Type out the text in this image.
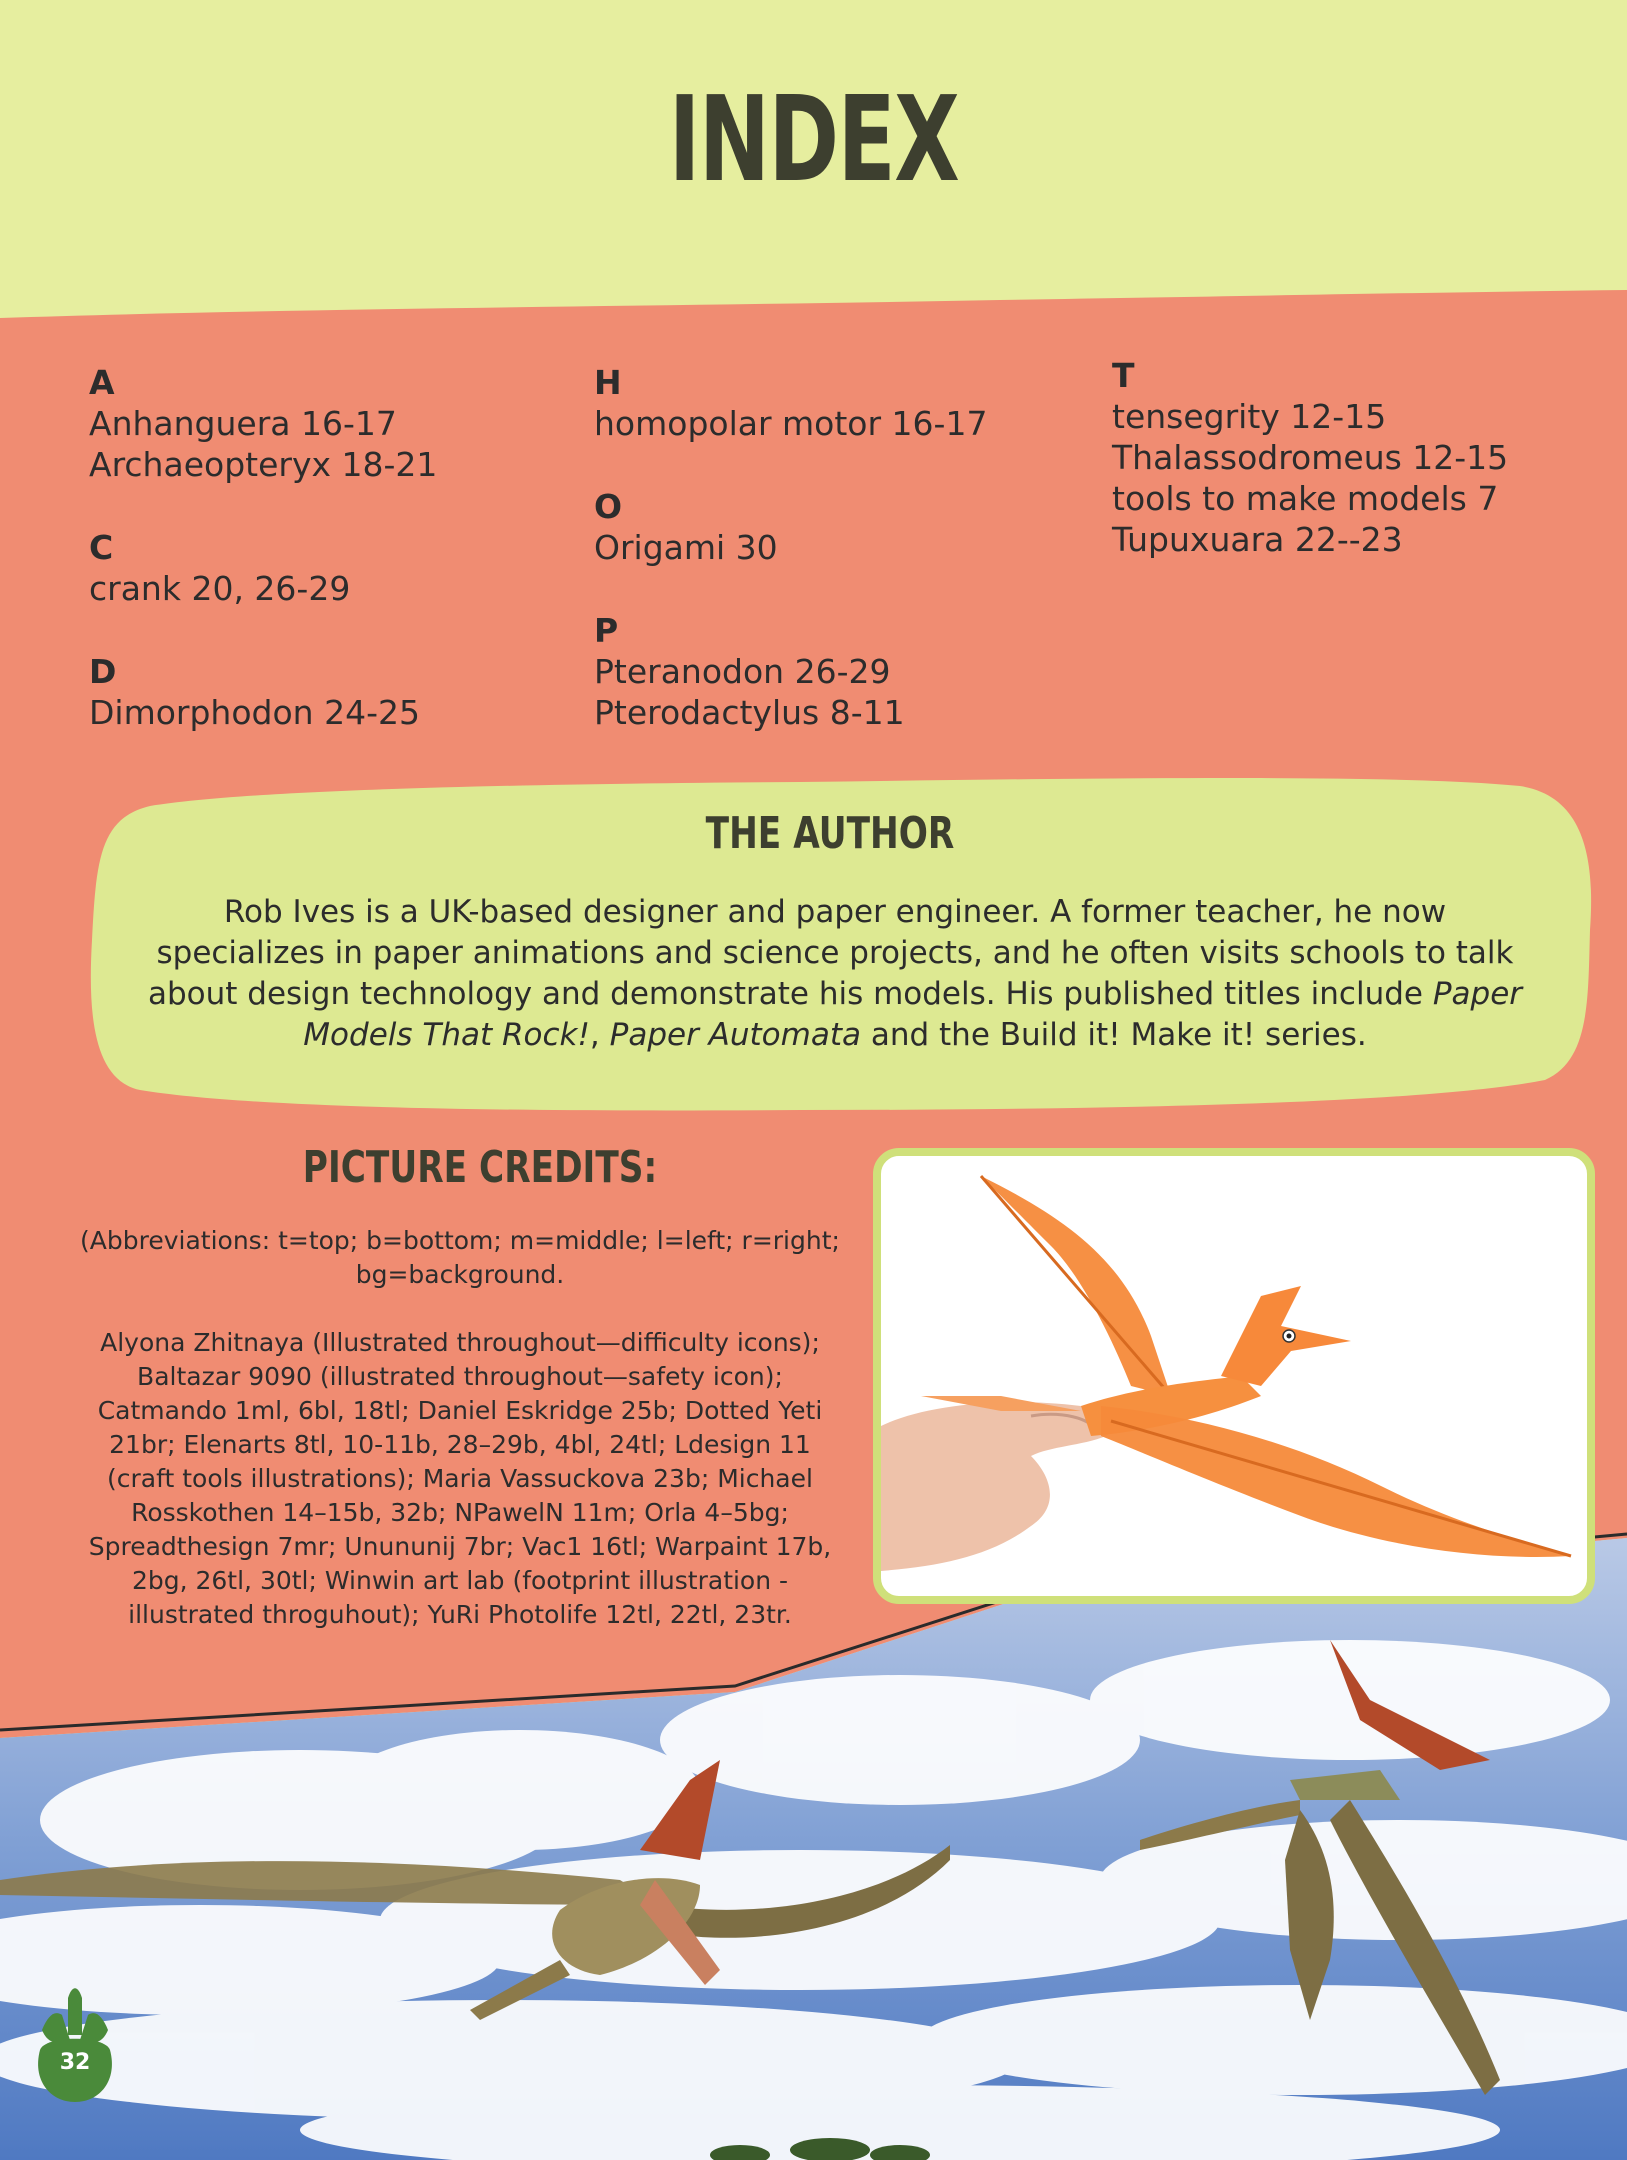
INDEX
A
Anhanguera 16-17
Archaeopteryx 18-21
C
crank 20, 26-29
D
Dimorphodon 24-25
H
homopolar motor 16-17
O
Origami 30
P
Pteranodon 26-29
Pterodactylus 8-11
T
tensegrity 12-15
Thalassodromeus 12-15
tools to make models 7
Tupuxuara 22--23
THE AUTHOR
Rob Ives is a UK-based designer and paper engineer. A former teacher, he now specializes in paper animations and science projects, and he often visits schools to talk about design technology and demonstrate his models. His published titles include Paper Models That Rock!, Paper Automata and the Build it! Make it! series.
PICTURE CREDITS:
(Abbreviations: t=top; b=bottom; m=middle; l=left; r=right; bg=background.
Alyona Zhitnaya (Illustrated throughout—difficulty icons); Baltazar 9090 (illustrated throughout—safety icon); Catmando 1ml, 6bl, 18tl; Daniel Eskridge 25b; Dotted Yeti 21br; Elenarts 8tl, 10-11b, 28–29b, 4bl, 24tl; Ldesign 11 (craft tools illustrations); Maria Vassuckova 23b; Michael Rosskothen 14–15b, 32b; NPawelN 11m; Orla 4–5bg; Spreadthesign 7mr; Unununij 7br; Vac1 16tl; Warpaint 17b, 2bg, 26tl, 30tl; Winwin art lab (footprint illustration - illustrated throguhout); YuRi Photolife 12tl, 22tl, 23tr.
32
